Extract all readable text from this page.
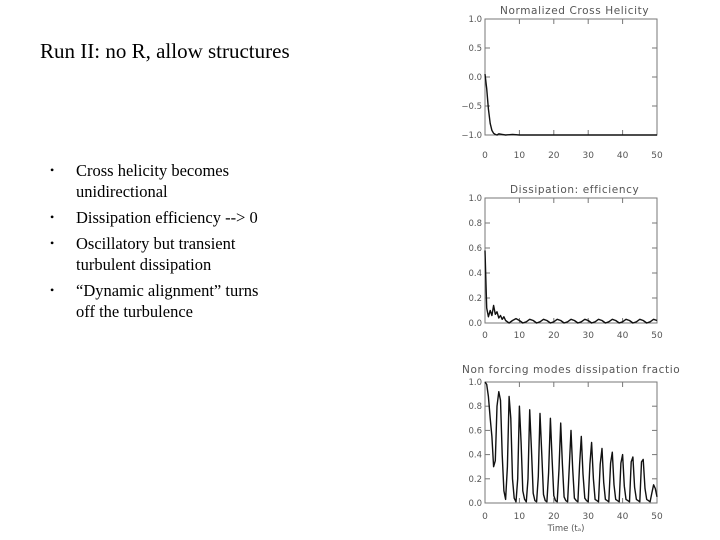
Run II: no R, allow structures
• Cross helicity becomes unidirectional
• Dissipation efficiency --> 0
• Oscillatory but transient turbulent dissipation
• “Dynamic alignment” turns off the turbulence
Normalized Cross Helicity
0	10	20	30	40	50
1.0
0.5
0.0
−0.5
−1.0
Dissipation: efficiency
0	10	20	30	40	50
1.0
0.8
0.6
0.4
0.2
0.0
Non forcing modes dissipation fractio
0	10	20	30	40	50
1.0
0.8
0.6
0.4
0.2
0.0
Time (tₐ)
